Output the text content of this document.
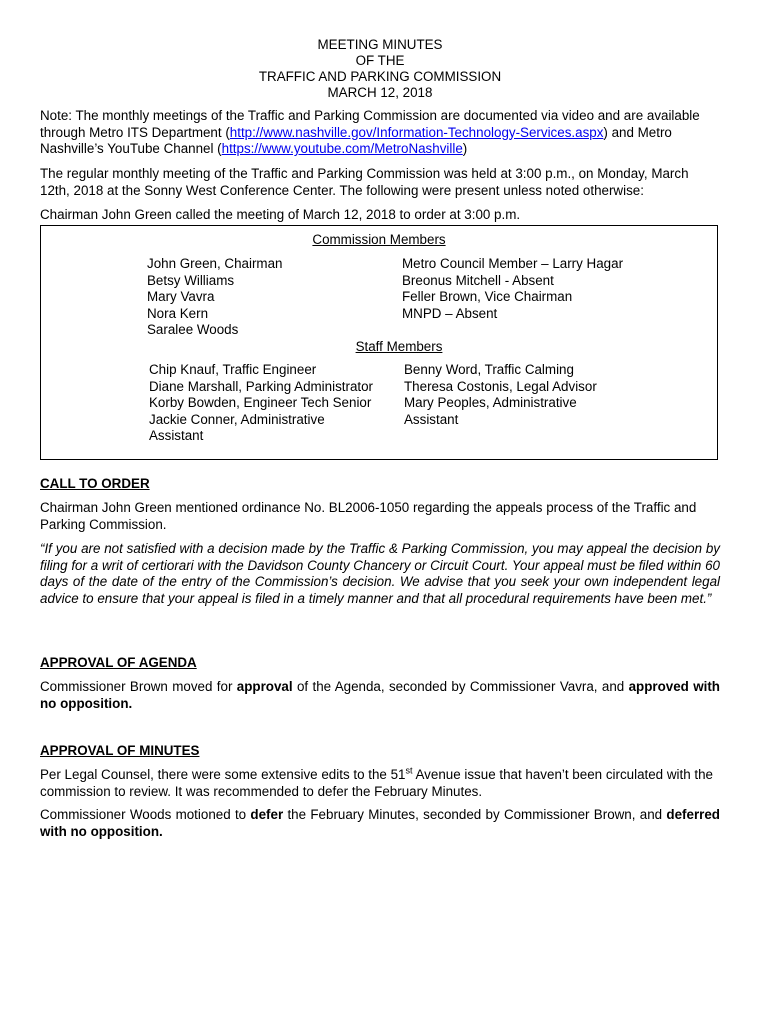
MEETING MINUTES
OF THE
TRAFFIC AND PARKING COMMISSION
MARCH 12, 2018
Note: The monthly meetings of the Traffic and Parking Commission are documented via video and are available through Metro ITS Department (http://www.nashville.gov/Information-Technology-Services.aspx) and Metro Nashville’s YouTube Channel (https://www.youtube.com/MetroNashville)
The regular monthly meeting of the Traffic and Parking Commission was held at 3:00 p.m., on Monday, March 12th, 2018 at the Sonny West Conference Center. The following were present unless noted otherwise:
Chairman John Green called the meeting of March 12, 2018 to order at 3:00 p.m.
Commission Members
John Green, Chairman
Betsy Williams
Mary Vavra
Nora Kern
Saralee Woods
Metro Council Member – Larry Hagar
Breonus Mitchell - Absent
Feller Brown, Vice Chairman
MNPD – Absent
Staff Members
Chip Knauf, Traffic Engineer
Diane Marshall, Parking Administrator
Korby Bowden, Engineer Tech Senior
Jackie Conner, Administrative
Assistant
Benny Word, Traffic Calming
Theresa Costonis, Legal Advisor
Mary Peoples, Administrative
Assistant
CALL TO ORDER
Chairman John Green mentioned ordinance No. BL2006-1050 regarding the appeals process of the Traffic and Parking Commission.
“If you are not satisfied with a decision made by the Traffic & Parking Commission, you may appeal the decision by filing for a writ of certiorari with the Davidson County Chancery or Circuit Court. Your appeal must be filed within 60 days of the date of the entry of the Commission’s decision. We advise that you seek your own independent legal advice to ensure that your appeal is filed in a timely manner and that all procedural requirements have been met.”
APPROVAL OF AGENDA
Commissioner Brown moved for approval of the Agenda, seconded by Commissioner Vavra, and approved with no opposition.
APPROVAL OF MINUTES
Per Legal Counsel, there were some extensive edits to the 51st Avenue issue that haven’t been circulated with the commission to review. It was recommended to defer the February Minutes.
Commissioner Woods motioned to defer the February Minutes, seconded by Commissioner Brown, and deferred with no opposition.
